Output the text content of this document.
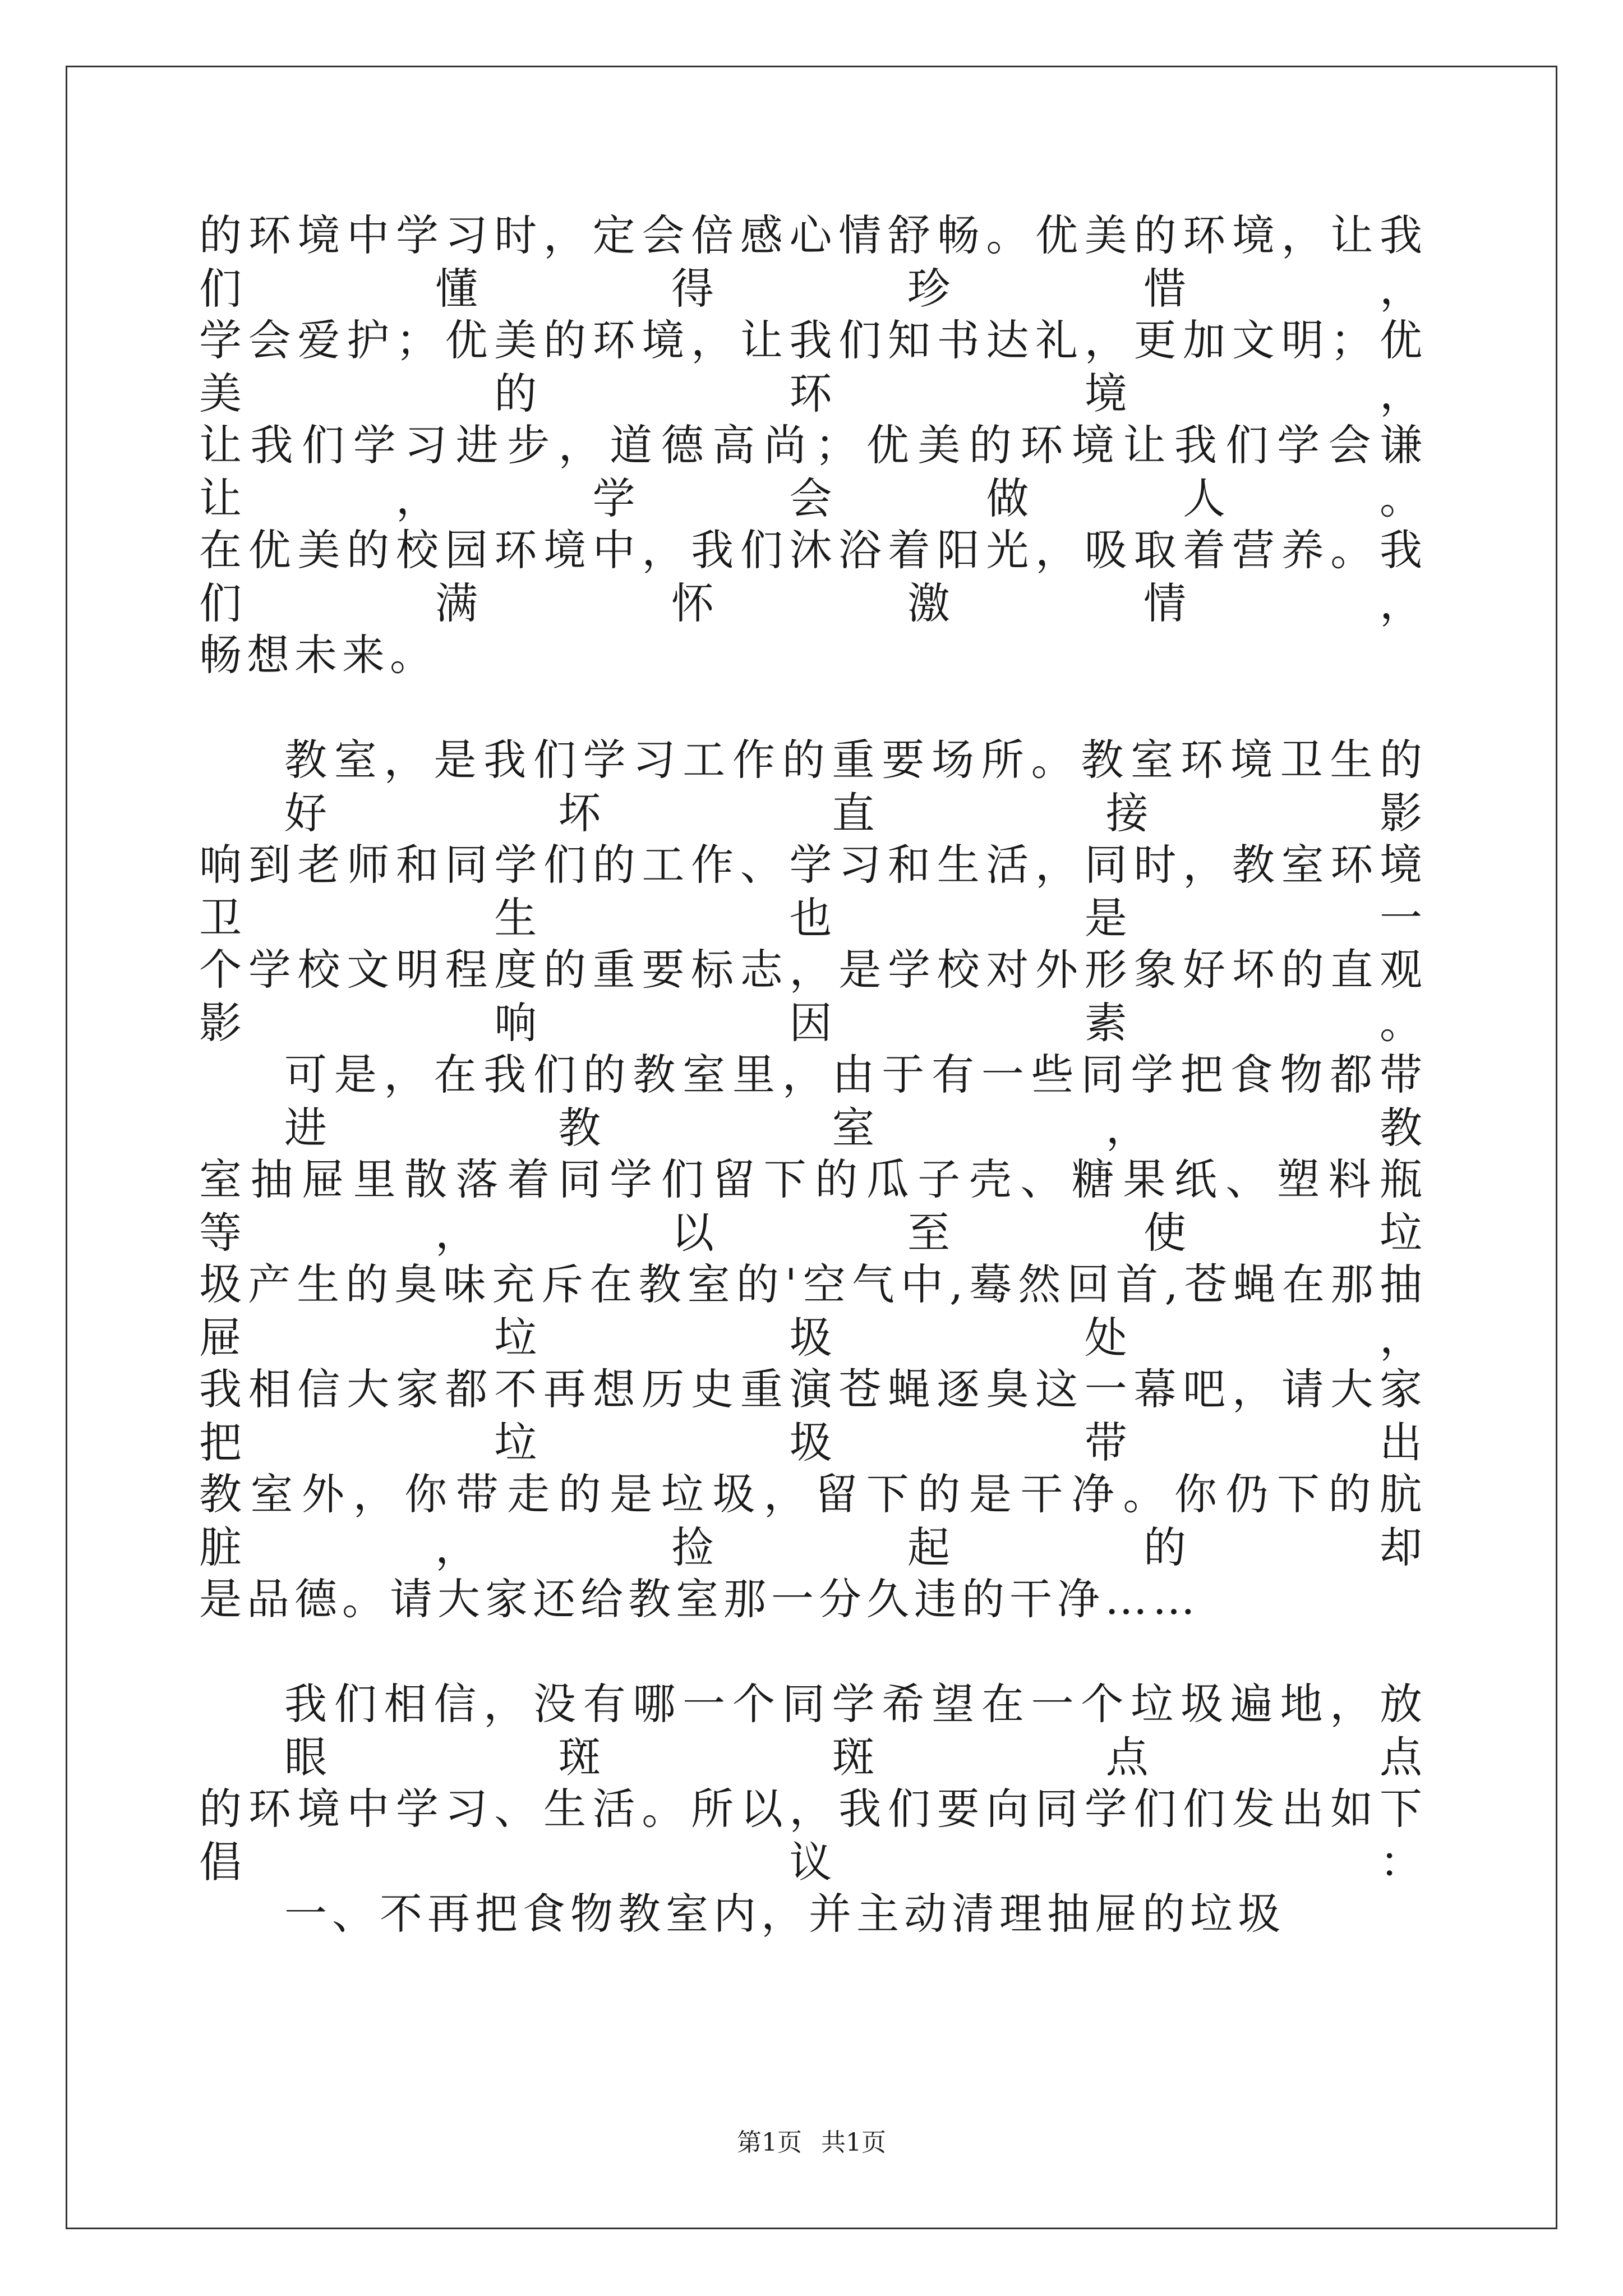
的环境中学习时，定会倍感心情舒畅。优美的环境，让我们懂得珍惜，
学会爱护；优美的环境，让我们知书达礼，更加文明；优美的环境，
让我们学习进步，道德高尚；优美的环境让我们学会谦让，学会做人。
在优美的校园环境中，我们沐浴着阳光，吸取着营养。我们满怀激情，
畅想未来。
教室，是我们学习工作的重要场所。教室环境卫生的好坏直接影
响到老师和同学们的工作、学习和生活，同时，教室环境卫生也是一
个学校文明程度的重要标志，是学校对外形象好坏的直观影响因素。
可是，在我们的教室里，由于有一些同学把食物都带进教室，教
室抽屉里散落着同学们留下的瓜子壳、糖果纸、塑料瓶等，以至使垃
圾产生的臭味充斥在教室的'空气中,蓦然回首,苍蝇在那抽屉垃圾处，
我相信大家都不再想历史重演苍蝇逐臭这一幕吧，请大家把垃圾带出
教室外，你带走的是垃圾，留下的是干净。你仍下的肮脏，捡起的却
是品德。请大家还给教室那一分久违的干净……
我们相信，没有哪一个同学希望在一个垃圾遍地，放眼斑斑点点
的环境中学习、生活。所以，我们要向同学们们发出如下倡议：
一、不再把食物教室内，并主动清理抽屉的垃圾
第1页 共1页
